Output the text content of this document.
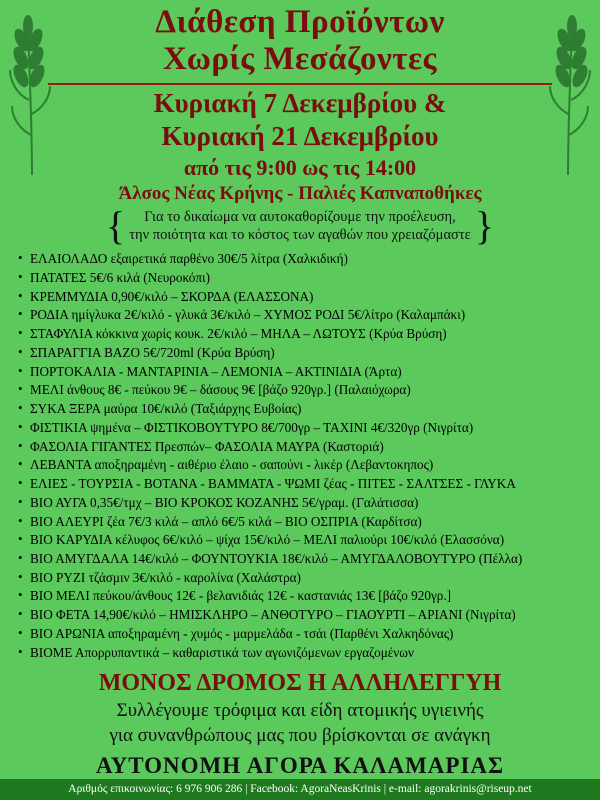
Διάθεση Προϊόντων
Χωρίς Μεσάζοντες
Κυριακή 7 Δεκεμβρίου &
Κυριακή 21 Δεκεμβρίου
από τις 9:00 ως τις 14:00
Άλσος Νέας Κρήνης - Παλιές Καπναποθήκες
{	Για το δικαίωμα να αυτοκαθορίζουμε την προέλευση,
την ποιότητα και το κόστος των αγαθών που χρειαζόμαστε }
• ΕΛΑΙΟΛΑΔΟ εξαιρετικά παρθένο 30€/5 λίτρα (Χαλκιδική)
• ΠΑΤΑΤΕΣ 5€/6 κιλά (Νευροκόπι)
• ΚΡΕΜΜΥΔΙΑ 0,90€/κιλό – ΣΚΟΡΔΑ (ΕΛΑΣΣΟΝΑ)
• ΡΟΔΙΑ ημίγλυκα 2€/κιλό - γλυκά 3€/κιλό – ΧΥΜΟΣ ΡΟΔΙ 5€/λίτρο (Καλαμπάκι)
• ΣΤΑΦΥΛΙΑ κόκκινα χωρίς κουκ. 2€/κιλό – ΜΗΛΑ – ΛΩΤΟΥΣ (Κρύα Βρύση)
• ΣΠΑΡΑΓΓΙΑ ΒΑΖΟ 5€/720ml (Κρύα Βρύση)
• ΠΟΡΤΟΚΑΛΙΑ - ΜΑΝΤΑΡΙΝΙΑ – ΛΕΜΟΝΙΑ – ΑΚΤΙΝΙΔΙΑ (Άρτα)
• ΜΕΛΙ άνθους 8€ - πεύκου 9€ – δάσους 9€ [βάζο 920γρ.] (Παλαιόχωρα)
• ΣΥΚΑ ΞΕΡΑ μαύρα 10€/κιλό (Ταξιάρχης Ευβοίας)
• ΦΙΣΤΙΚΙΑ ψημένα – ΦΙΣΤΙΚΟΒΟΥΤΥΡΟ 8€/700γρ – ΤΑΧΙΝΙ 4€/320γρ (Νιγρίτα)
• ΦΑΣΟΛΙΑ ΓΙΓΑΝΤΕΣ Πρεσπών– ΦΑΣΟΛΙΑ ΜΑΥΡΑ (Καστοριά)
• ΛΕΒΑΝΤΑ αποξηραμένη - αιθέριο έλαιο - σαπούνι - λικέρ (Λεβαντοκηπος)
• ΕΛΙΕΣ - ΤΟΥΡΣΙΑ - ΒΟΤΑΝΑ - ΒΑΜΜΑΤΑ - ΨΩΜΙ ζέας - ΠΙΤΕΣ - ΣΑΛΤΣΕΣ - ΓΛΥΚΑ
• ΒΙΟ ΑΥΓΑ 0,35€/τμχ – ΒΙΟ ΚΡΟΚΟΣ ΚΟΖΑΝΗΣ 5€/γραμ. (Γαλάτισσα)
• ΒΙΟ ΑΛΕΥΡΙ ζέα 7€/3 κιλά – απλό 6€/5 κιλά – ΒΙΟ ΟΣΠΡΙΑ (Καρδίτσα)
• ΒΙΟ ΚΑΡΥΔΙΑ κέλυφος 6€/κιλό – ψίχα 15€/κιλό – ΜΕΛΙ παλιούρι 10€/κιλό (Ελασσόνα)
• ΒΙΟ ΑΜΥΓΔΑΛΑ 14€/κιλό – ΦΟΥΝΤΟΥΚΙΑ 18€/κιλό – ΑΜΥΓΔΑΛΟΒΟΥΤΥΡΟ (Πέλλα)
• ΒΙΟ ΡΥΖΙ τζάσμιν 3€/κιλό - καρολίνα (Χαλάστρα)
• ΒΙΟ ΜΕΛΙ πεύκου/άνθους 12€ - βελανιδιάς 12€ - καστανιάς 13€ [βάζο 920γρ.]
• ΒΙΟ ΦΕΤΑ 14,90€/κιλό – ΗΜΙΣΚΛΗΡΟ – ΑΝΘΟΤΥΡΟ – ΓΙΑΟΥΡΤΙ – ΑΡΙΑΝΙ (Νιγρίτα)
• ΒΙΟ ΑΡΩΝΙΑ αποξηραμένη - χυμός - μαρμελάδα - τσάι (Παρθένι Χαλκηδόνας)
• ΒΙΟΜΕ Απορρυπαντικά – καθαριστικά των αγωνιζόμενων εργαζομένων
ΜΟΝΟΣ ΔΡΟΜΟΣ Η ΑΛΛΗΛΕΓΓΥΗ
Συλλέγουμε τρόφιμα και είδη ατομικής υγιεινής
για συνανθρώπους μας που βρίσκονται σε ανάγκη
ΑΥΤΟΝΟΜΗ ΑΓΟΡΑ ΚΑΛΑΜΑΡΙΑΣ
Αριθμός επικοινωνίας: 6 976 906 286 | Facebook: AgoraNeasKrinis | e-mail: agorakrinis@riseup.net
